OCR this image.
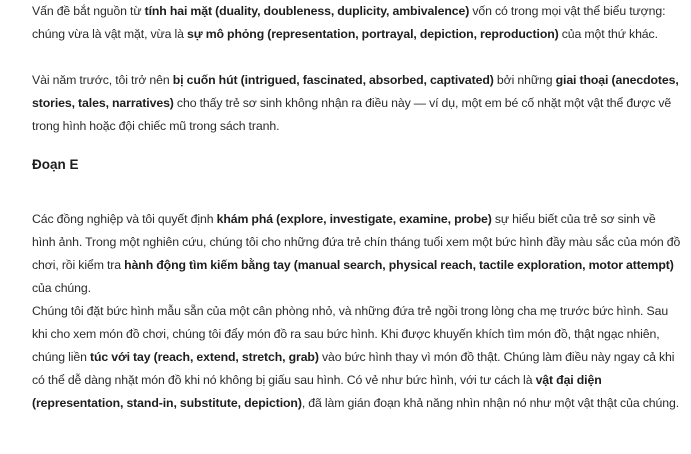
Vấn đề bắt nguồn từ tính hai mặt (duality, doubleness, duplicity, ambivalence) vốn có trong mọi vật thể biểu tượng: chúng vừa là vật mặt, vừa là sự mô phỏng (representation, portrayal, depiction, reproduction) của một thứ khác.

Vài năm trước, tôi trở nên bị cuốn hút (intrigued, fascinated, absorbed, captivated) bởi những giai thoại (anecdotes, stories, tales, narratives) cho thấy trẻ sơ sinh không nhận ra điều này — ví dụ, một em bé cố nhặt một vật thể được vẽ trong hình hoặc đội chiếc mũ trong sách tranh.

Đoạn E

Các đồng nghiệp và tôi quyết định khám phá (explore, investigate, examine, probe) sự hiểu biết của trẻ sơ sinh về hình ảnh. Trong một nghiên cứu, chúng tôi cho những đứa trẻ chín tháng tuổi xem một bức hình đầy màu sắc của món đồ chơi, rồi kiểm tra hành động tìm kiếm bằng tay (manual search, physical reach, tactile exploration, motor attempt) của chúng.

Chúng tôi đặt bức hình mẫu sẵn của một cân phòng nhỏ, và những đứa trẻ ngồi trong lòng cha mẹ trước bức hình. Sau khi cho xem món đồ chơi, chúng tôi đẩy món đồ ra sau bức hình. Khi được khuyến khích tìm món đồ, thật ngạc nhiên, chúng liền túc với tay (reach, extend, stretch, grab) vào bức hình thay vì món đồ thật. Chúng làm điều này ngay cả khi có thể dễ dàng nhặt món đồ khi nó không bị giấu sau hình. Có vẻ như bức hình, với tư cách là vật đại diện (representation, stand-in, substitute, depiction), đã làm gián đoạn khả năng nhìn nhận nó như một vật thật của chúng.
